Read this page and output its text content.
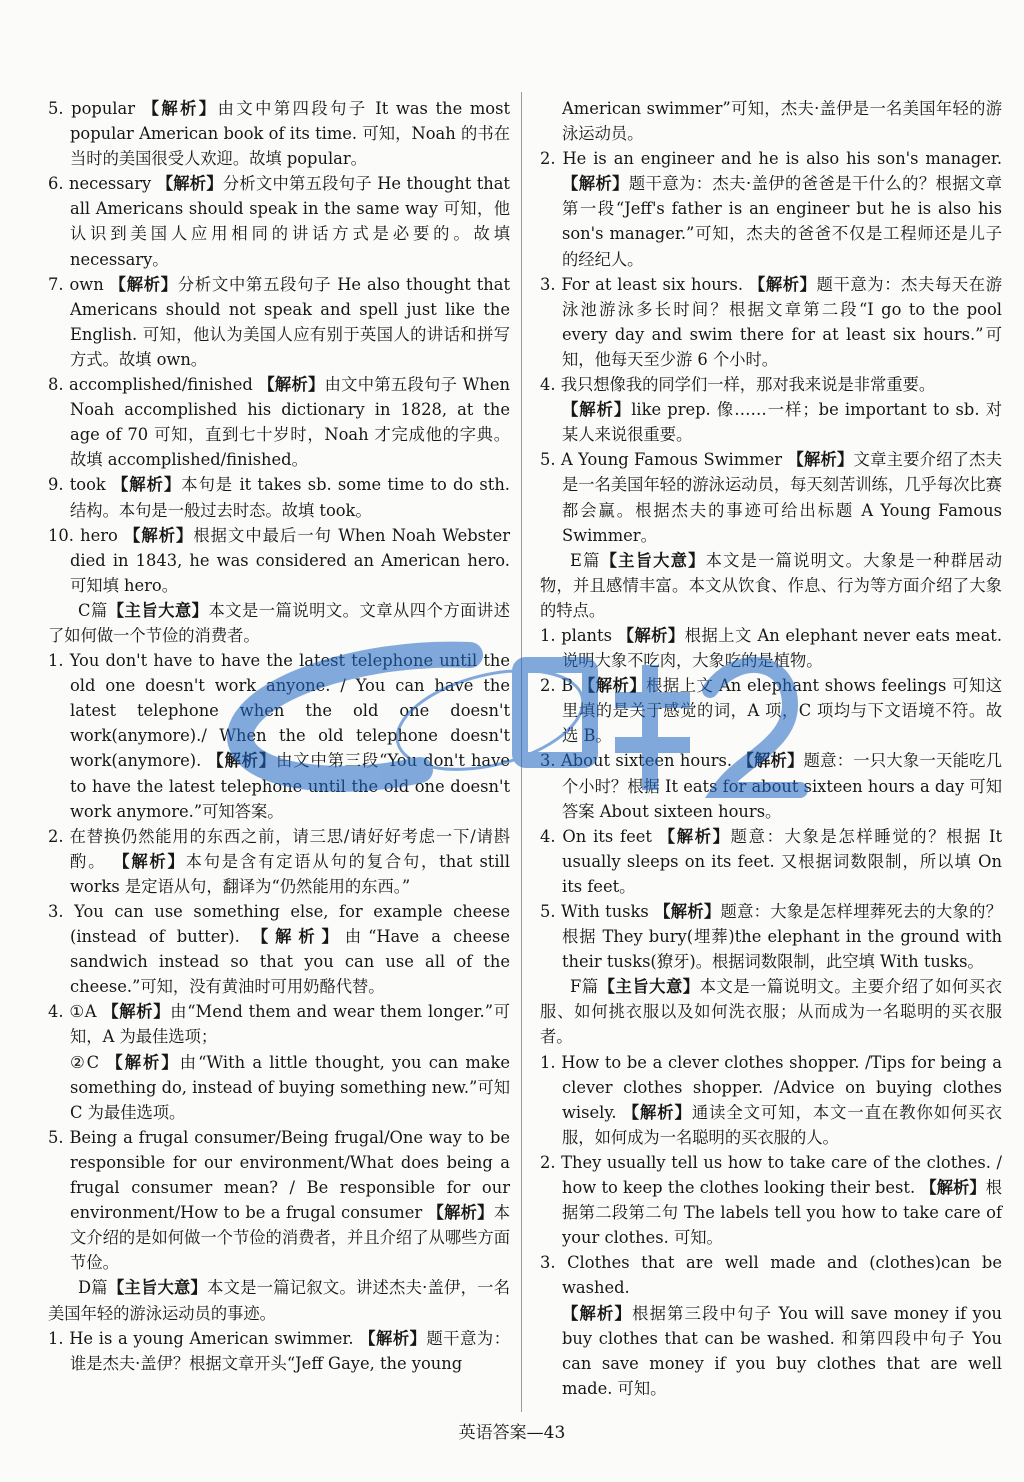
5. popular 【解析】由文中第四段句子 It was the most popular American book of its time. 可知，Noah 的书在当时的美国很受人欢迎。故填 popular。
6. necessary 【解析】分析文中第五段句子 He thought that all Americans should speak in the same way 可知，他认识到美国人应用相同的讲话方式是必要的。故填 necessary。
7. own 【解析】分析文中第五段句子 He also thought that Americans should not speak and spell just like the English. 可知，他认为美国人应有别于英国人的讲话和拼写方式。故填 own。
8. accomplished/finished 【解析】由文中第五段句子 When Noah accomplished his dictionary in 1828, at the age of 70 可知，直到七十岁时，Noah 才完成他的字典。故填 accomplished/finished。
9. took 【解析】本句是 it takes sb. some time to do sth. 结构。本句是一般过去时态。故填 took。
10. hero 【解析】根据文中最后一句 When Noah Webster died in 1843, he was considered an American hero. 可知填 hero。
C篇【主旨大意】本文是一篇说明文。文章从四个方面讲述了如何做一个节俭的消费者。
1. You don't have to have the latest telephone until the old one doesn't work anyone. / You can have the latest telephone when the old one doesn't work(anymore)./ When the old telephone doesn't work(anymore). 【解析】由文中第三段“You don't have to have the latest telephone until the old one doesn't work anymore.”可知答案。
2. 在替换仍然能用的东西之前，请三思/请好好考虑一下/请斟酌。 【解析】本句是含有定语从句的复合句，that still works 是定语从句，翻译为“仍然能用的东西。”
3. You can use something else, for example cheese (instead of butter). 【解析】由“Have a cheese sandwich instead so that you can use all of the cheese.”可知，没有黄油时可用奶酪代替。
4. ①A 【解析】由“Mend them and wear them longer.”可知，A 为最佳选项；
②C 【解析】由“With a little thought, you can make something do, instead of buying something new.”可知 C 为最佳选项。
5. Being a frugal consumer/Being frugal/One way to be responsible for our environment/What does being a frugal consumer mean? / Be responsible for our environment/How to be a frugal consumer 【解析】本文介绍的是如何做一个节俭的消费者，并且介绍了从哪些方面节俭。
D篇【主旨大意】本文是一篇记叙文。讲述杰夫·盖伊，一名美国年轻的游泳运动员的事迹。
1. He is a young American swimmer. 【解析】题干意为：谁是杰夫·盖伊？根据文章开头“Jeff Gaye, the young
American swimmer”可知，杰夫·盖伊是一名美国年轻的游泳运动员。
2. He is an engineer and he is also his son's manager. 【解析】题干意为：杰夫·盖伊的爸爸是干什么的？根据文章第一段“Jeff's father is an engineer but he is also his son's manager.”可知，杰夫的爸爸不仅是工程师还是儿子的经纪人。
3. For at least six hours. 【解析】题干意为：杰夫每天在游泳池游泳多长时间？根据文章第二段“I go to the pool every day and swim there for at least six hours.”可知，他每天至少游 6 个小时。
4. 我只想像我的同学们一样，那对我来说是非常重要。
【解析】like prep. 像……一样；be important to sb. 对某人来说很重要。
5. A Young Famous Swimmer 【解析】文章主要介绍了杰夫是一名美国年轻的游泳运动员，每天刻苦训练，几乎每次比赛都会赢。根据杰夫的事迹可给出标题 A Young Famous Swimmer。
E篇【主旨大意】本文是一篇说明文。大象是一种群居动物，并且感情丰富。本文从饮食、作息、行为等方面介绍了大象的特点。
1. plants 【解析】根据上文 An elephant never eats meat. 说明大象不吃肉，大象吃的是植物。
2. B 【解析】根据上文 An elephant shows feelings 可知这里填的是关于感觉的词，A 项，C 项均与下文语境不符。故选 B。
3. About sixteen hours. 【解析】题意：一只大象一天能吃几个小时？根据 It eats for about sixteen hours a day 可知答案 About sixteen hours。
4. On its feet 【解析】题意：大象是怎样睡觉的？根据 It usually sleeps on its feet. 又根据词数限制，所以填 On its feet。
5. With tusks 【解析】题意：大象是怎样埋葬死去的大象的？根据 They bury(埋葬)the elephant in the ground with their tusks(獠牙)。根据词数限制，此空填 With tusks。
F篇【主旨大意】本文是一篇说明文。主要介绍了如何买衣服、如何挑衣服以及如何洗衣服；从而成为一名聪明的买衣服者。
1. How to be a clever clothes shopper. /Tips for being a clever clothes shopper. /Advice on buying clothes wisely. 【解析】通读全文可知，本文一直在教你如何买衣服，如何成为一名聪明的买衣服的人。
2. They usually tell us how to take care of the clothes. / how to keep the clothes looking their best. 【解析】根据第二段第二句 The labels tell you how to take care of your clothes. 可知。
3. Clothes that are well made and (clothes)can be washed.
【解析】根据第三段中句子 You will save money if you buy clothes that can be washed. 和第四段中句子 You can save money if you buy clothes that are well made. 可知。
英语答案—43
